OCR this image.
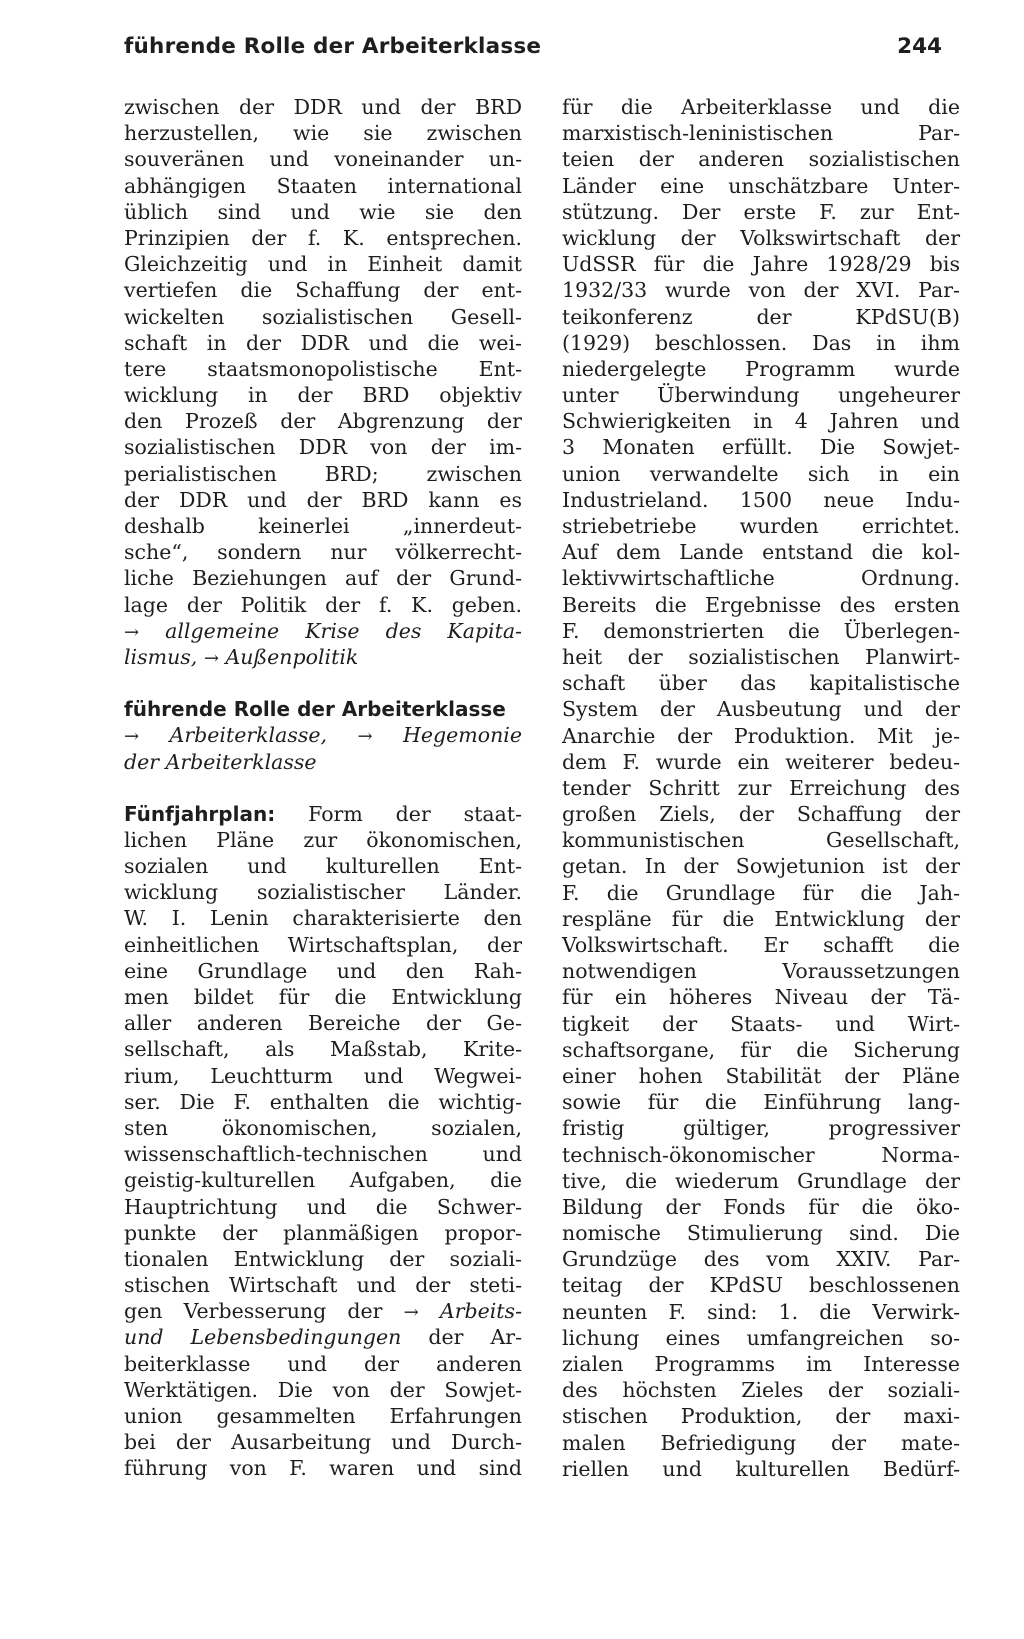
führende Rolle der Arbeiterklasse	244
zwischen der DDR und der BRD
herzustellen, wie sie zwischen
souveränen und voneinander un-
abhängigen Staaten international
üblich sind und wie sie den
Prinzipien der f. K. entsprechen.
Gleichzeitig und in Einheit damit
vertiefen die Schaffung der ent-
wickelten sozialistischen Gesell-
schaft in der DDR und die wei-
tere staatsmonopolistische Ent-
wicklung in der BRD objektiv
den Prozeß der Abgrenzung der
sozialistischen DDR von der im-
perialistischen BRD; zwischen
der DDR und der BRD kann es
deshalb keinerlei „innerdeut-
sche“, sondern nur völkerrecht-
liche Beziehungen auf der Grund-
lage der Politik der f. K. geben.
→ allgemeine Krise des Kapita-
lismus, → Außenpolitik
führende Rolle der Arbeiterklasse
→ Arbeiterklasse, → Hegemonie
der Arbeiterklasse
Fünfjahrplan: Form der staat-
lichen Pläne zur ökonomischen,
sozialen und kulturellen Ent-
wicklung sozialistischer Länder.
W. I. Lenin charakterisierte den
einheitlichen Wirtschaftsplan, der
eine Grundlage und den Rah-
men bildet für die Entwicklung
aller anderen Bereiche der Ge-
sellschaft, als Maßstab, Krite-
rium, Leuchtturm und Wegwei-
ser. Die F. enthalten die wichtig-
sten ökonomischen, sozialen,
wissenschaftlich-technischen und
geistig-kulturellen Aufgaben, die
Hauptrichtung und die Schwer-
punkte der planmäßigen propor-
tionalen Entwicklung der soziali-
stischen Wirtschaft und der steti-
gen Verbesserung der → Arbeits-
und Lebensbedingungen der Ar-
beiterklasse und der anderen
Werktätigen. Die von der Sowjet-
union gesammelten Erfahrungen
bei der Ausarbeitung und Durch-
führung von F. waren und sind
für die Arbeiterklasse und die
marxistisch-leninistischen Par-
teien der anderen sozialistischen
Länder eine unschätzbare Unter-
stützung. Der erste F. zur Ent-
wicklung der Volkswirtschaft der
UdSSR für die Jahre 1928/29 bis
1932/33 wurde von der XVI. Par-
teikonferenz der KPdSU(B)
(1929) beschlossen. Das in ihm
niedergelegte Programm wurde
unter Überwindung ungeheurer
Schwierigkeiten in 4 Jahren und
3 Monaten erfüllt. Die Sowjet-
union verwandelte sich in ein
Industrieland. 1500 neue Indu-
striebetriebe wurden errichtet.
Auf dem Lande entstand die kol-
lektivwirtschaftliche Ordnung.
Bereits die Ergebnisse des ersten
F. demonstrierten die Überlegen-
heit der sozialistischen Planwirt-
schaft über das kapitalistische
System der Ausbeutung und der
Anarchie der Produktion. Mit je-
dem F. wurde ein weiterer bedeu-
tender Schritt zur Erreichung des
großen Ziels, der Schaffung der
kommunistischen Gesellschaft,
getan. In der Sowjetunion ist der
F. die Grundlage für die Jah-
respläne für die Entwicklung der
Volkswirtschaft. Er schafft die
notwendigen Voraussetzungen
für ein höheres Niveau der Tä-
tigkeit der Staats- und Wirt-
schaftsorgane, für die Sicherung
einer hohen Stabilität der Pläne
sowie für die Einführung lang-
fristig gültiger, progressiver
technisch-ökonomischer Norma-
tive, die wiederum Grundlage der
Bildung der Fonds für die öko-
nomische Stimulierung sind. Die
Grundzüge des vom XXIV. Par-
teitag der KPdSU beschlossenen
neunten F. sind: 1. die Verwirk-
lichung eines umfangreichen so-
zialen Programms im Interesse
des höchsten Zieles der soziali-
stischen Produktion, der maxi-
malen Befriedigung der mate-
riellen und kulturellen Bedürf-
